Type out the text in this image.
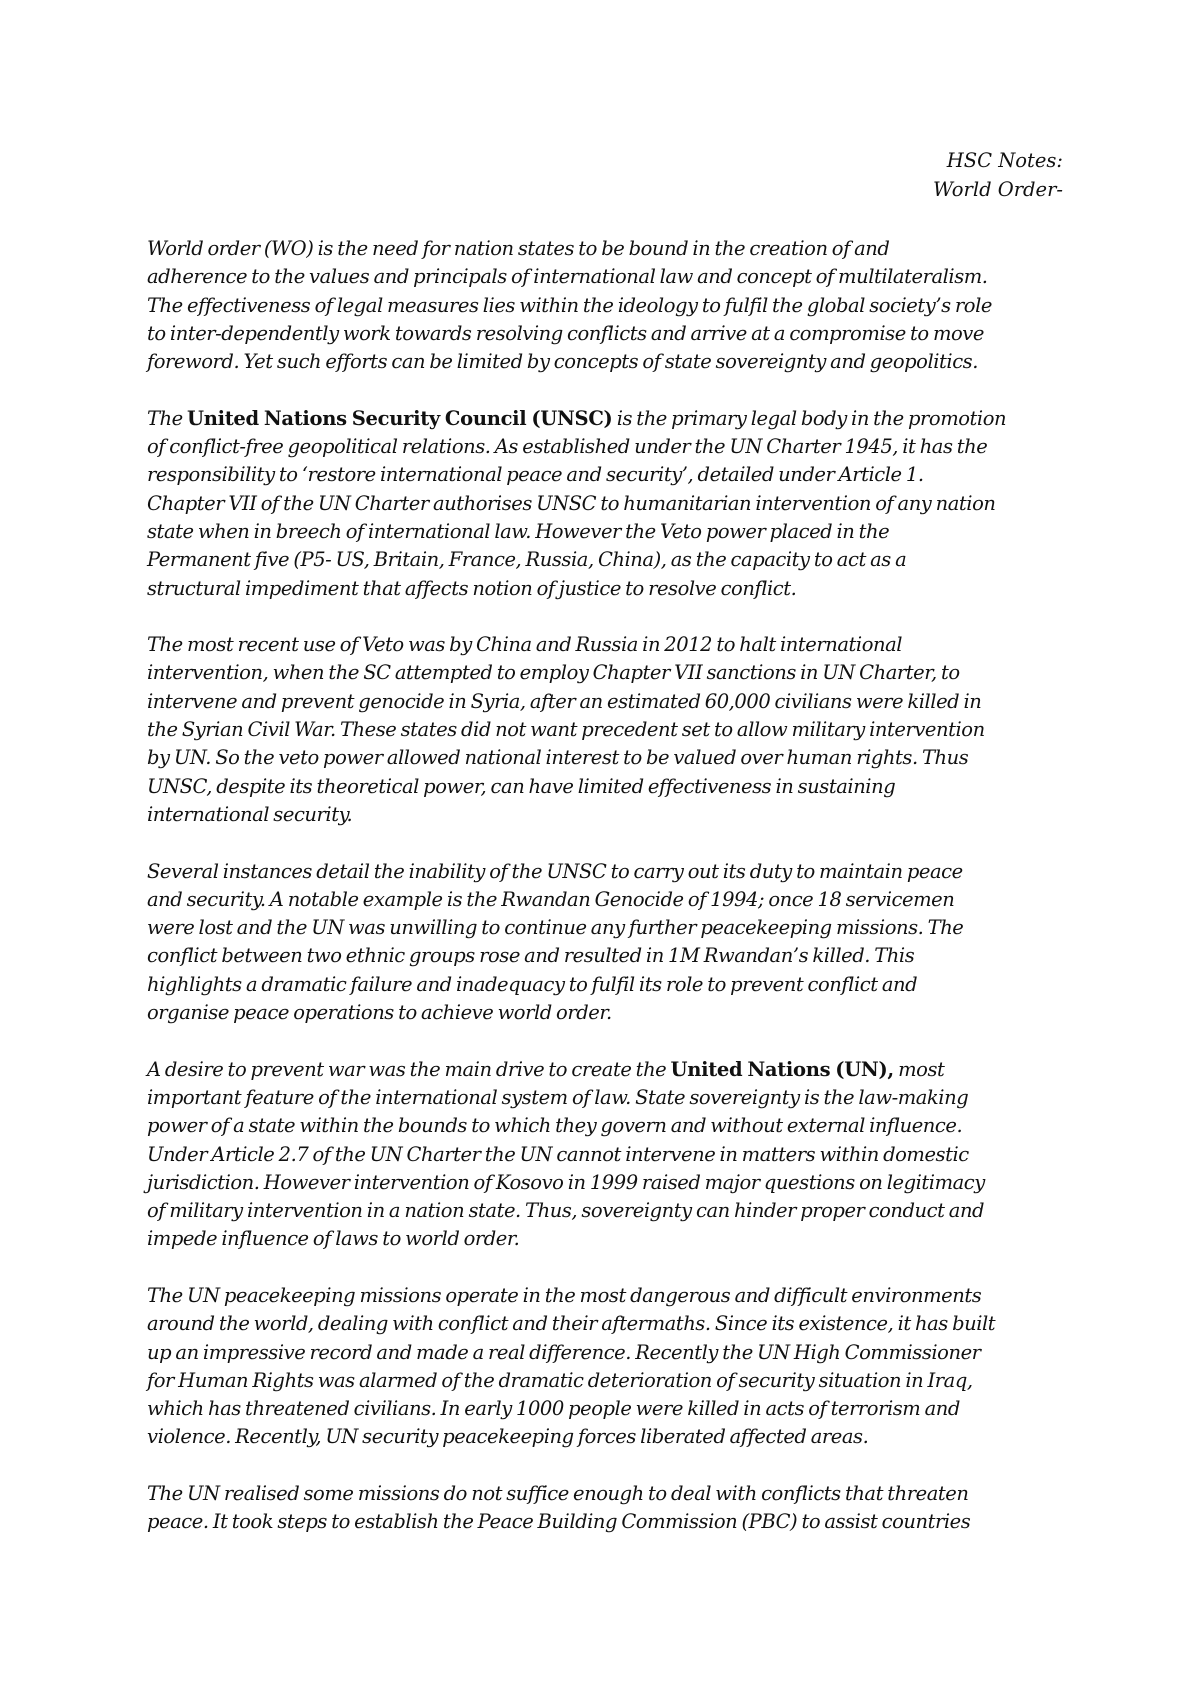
HSC Notes:
World Order-

World order (WO) is the need for nation states to be bound in the creation of and
adherence to the values and principals of international law and concept of multilateralism.
The effectiveness of legal measures lies within the ideology to fulfil the global society’s role
to inter-dependently work towards resolving conflicts and arrive at a compromise to move
foreword. Yet such efforts can be limited by concepts of state sovereignty and geopolitics.

The United Nations Security Council (UNSC) is the primary legal body in the promotion
of conflict-free geopolitical relations. As established under the UN Charter 1945, it has the
responsibility to ‘restore international peace and security’, detailed under Article 1.
Chapter VII of the UN Charter authorises UNSC to humanitarian intervention of any nation
state when in breech of international law. However the Veto power placed in the
Permanent five (P5- US, Britain, France, Russia, China), as the capacity to act as a
structural impediment that affects notion of justice to resolve conflict.

The most recent use of Veto was by China and Russia in 2012 to halt international
intervention, when the SC attempted to employ Chapter VII sanctions in UN Charter, to
intervene and prevent genocide in Syria, after an estimated 60,000 civilians were killed in
the Syrian Civil War. These states did not want precedent set to allow military intervention
by UN. So the veto power allowed national interest to be valued over human rights. Thus
UNSC, despite its theoretical power, can have limited effectiveness in sustaining
international security.

Several instances detail the inability of the UNSC to carry out its duty to maintain peace
and security. A notable example is the Rwandan Genocide of 1994; once 18 servicemen
were lost and the UN was unwilling to continue any further peacekeeping missions. The
conflict between two ethnic groups rose and resulted in 1M Rwandan’s killed. This
highlights a dramatic failure and inadequacy to fulfil its role to prevent conflict and
organise peace operations to achieve world order.

A desire to prevent war was the main drive to create the United Nations (UN), most
important feature of the international system of law. State sovereignty is the law-making
power of a state within the bounds to which they govern and without external influence.
Under Article 2.7 of the UN Charter the UN cannot intervene in matters within domestic
jurisdiction. However intervention of Kosovo in 1999 raised major questions on legitimacy
of military intervention in a nation state. Thus, sovereignty can hinder proper conduct and
impede influence of laws to world order.

The UN peacekeeping missions operate in the most dangerous and difficult environments
around the world, dealing with conflict and their aftermaths. Since its existence, it has built
up an impressive record and made a real difference. Recently the UN High Commissioner
for Human Rights was alarmed of the dramatic deterioration of security situation in Iraq,
which has threatened civilians. In early 1000 people were killed in acts of terrorism and
violence. Recently, UN security peacekeeping forces liberated affected areas.

The UN realised some missions do not suffice enough to deal with conflicts that threaten
peace. It took steps to establish the Peace Building Commission (PBC) to assist countries
